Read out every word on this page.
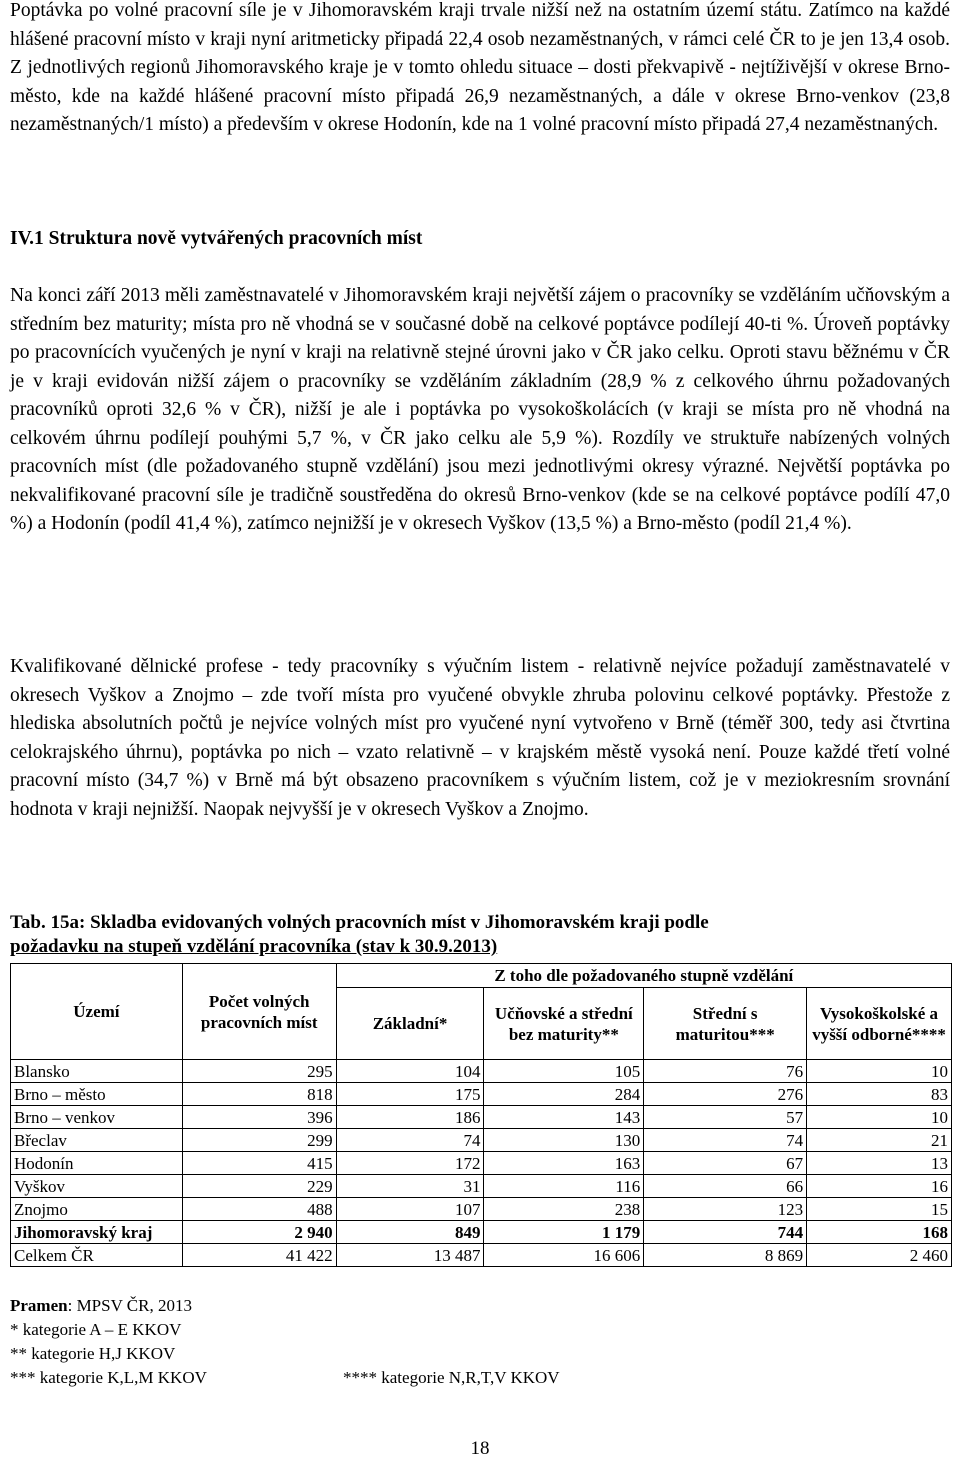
Poptávka po volné pracovní síle je v Jihomoravském kraji trvale nižší než na ostatním území státu. Zatímco na každé hlášené pracovní místo v kraji nyní aritmeticky připadá 22,4 osob nezaměstnaných, v rámci celé ČR to je jen 13,4 osob. Z jednotlivých regionů Jihomoravského kraje je v tomto ohledu situace – dosti překvapivě - nejtíživější v okrese Brno-město, kde na každé hlášené pracovní místo připadá 26,9 nezaměstnaných, a dále v okrese Brno-venkov (23,8 nezaměstnaných/1 místo) a především v okrese Hodonín, kde na 1 volné pracovní místo připadá 27,4 nezaměstnaných.

IV.1 Struktura nově vytvářených pracovních míst

Na konci září 2013 měli zaměstnavatelé v Jihomoravském kraji největší zájem o pracovníky se vzděláním učňovským a středním bez maturity; místa pro ně vhodná se v současné době na celkové poptávce podílejí 40-ti %. Úroveň poptávky po pracovnících vyučených je nyní v kraji na relativně stejné úrovni jako v ČR jako celku. Oproti stavu běžnému v ČR je v kraji evidován nižší zájem o pracovníky se vzděláním základním (28,9 % z celkového úhrnu požadovaných pracovníků oproti 32,6 % v ČR), nižší je ale i poptávka po vysokoškolácích (v kraji se místa pro ně vhodná na celkovém úhrnu podílejí pouhými 5,7 %, v ČR jako celku ale 5,9 %). Rozdíly ve struktuře nabízených volných pracovních míst (dle požadovaného stupně vzdělání) jsou mezi jednotlivými okresy výrazné. Největší poptávka po nekvalifikované pracovní síle je tradičně soustředěna do okresů Brno-venkov (kde se na celkové poptávce podílí 47,0 %) a Hodonín (podíl 41,4 %), zatímco nejnižší je v okresech Vyškov (13,5 %) a Brno-město (podíl 21,4 %).

Kvalifikované dělnické profese - tedy pracovníky s výučním listem - relativně nejvíce požadují zaměstnavatelé v okresech Vyškov a Znojmo – zde tvoří místa pro vyučené obvykle zhruba polovinu celkové poptávky. Přestože z hlediska absolutních počtů je nejvíce volných míst pro vyučené nyní vytvořeno v Brně (téměř 300, tedy asi čtvrtina celokrajského úhrnu), poptávka po nich – vzato relativně – v krajském městě vysoká není. Pouze každé třetí volné pracovní místo (34,7 %) v Brně má být obsazeno pracovníkem s výučním listem, což je v meziokresním srovnání hodnota v kraji nejnižší. Naopak nejvyšší je v okresech Vyškov a Znojmo.

Tab. 15a: Skladba evidovaných volných pracovních míst v Jihomoravském kraji podle
požadavku na stupeň vzdělání pracovníka (stav k 30.9.2013)
Území	Počet volných pracovních míst	Z toho dle požadovaného stupně vzdělání			
		Základní*	Učňovské a střední bez maturity**	Střední s maturitou***	Vysokoškolské a vyšší odborné****
Blansko	295	104	105	76	10
Brno – město	818	175	284	276	83
Brno – venkov	396	186	143	57	10
Břeclav	299	74	130	74	21
Hodonín	415	172	163	67	13
Vyškov	229	31	116	66	16
Znojmo	488	107	238	123	15
Jihomoravský kraj	2 940	849	1 179	744	168
Celkem ČR	41 422	13 487	16 606	8 869	2 460
Pramen: MPSV ČR, 2013
* kategorie A – E KKOV
** kategorie H,J KKOV
*** kategorie K,L,M KKOV	**** kategorie N,R,T,V KKOV
18
